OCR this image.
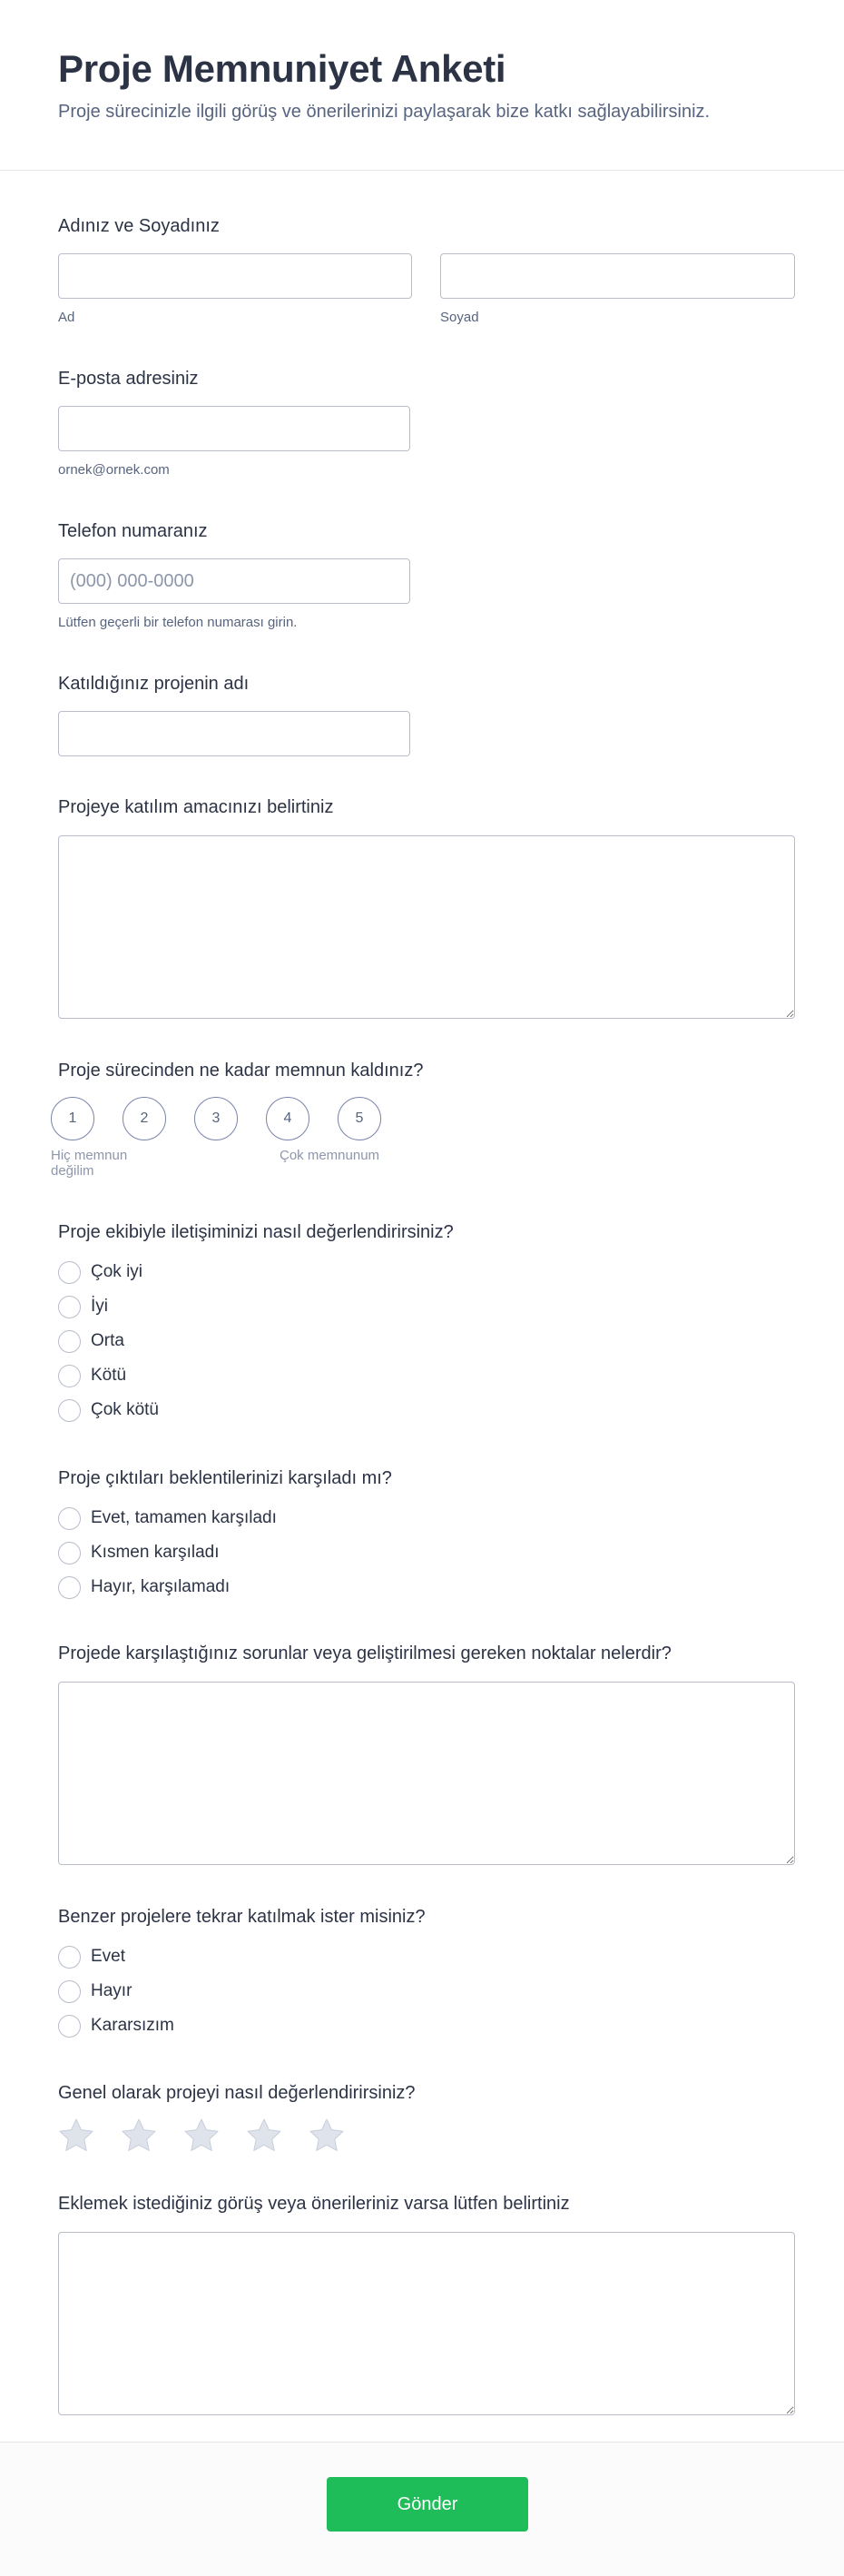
Proje Memnuniyet Anketi
Proje sürecinizle ilgili görüş ve önerilerinizi paylaşarak bize katkı sağlayabilirsiniz.
Adınız ve Soyadınız
Ad	Soyad
E-posta adresiniz
ornek@ornek.com
Telefon numaranız
(000) 000-0000
Lütfen geçerli bir telefon numarası girin.
Katıldığınız projenin adı
Projeye katılım amacınızı belirtiniz
Proje sürecinden ne kadar memnun kaldınız?
1	2	3	4	5
Hiç memnun değilim
Çok memnunum
Proje ekibiyle iletişiminizi nasıl değerlendirirsiniz?
Çok iyi
İyi
Orta
Kötü
Çok kötü
Proje çıktıları beklentilerinizi karşıladı mı?
Evet, tamamen karşıladı
Kısmen karşıladı
Hayır, karşılamadı
Projede karşılaştığınız sorunlar veya geliştirilmesi gereken noktalar nelerdir?
Benzer projelere tekrar katılmak ister misiniz?
Evet
Hayır
Kararsızım
Genel olarak projeyi nasıl değerlendirirsiniz?
Eklemek istediğiniz görüş veya önerileriniz varsa lütfen belirtiniz
Gönder
